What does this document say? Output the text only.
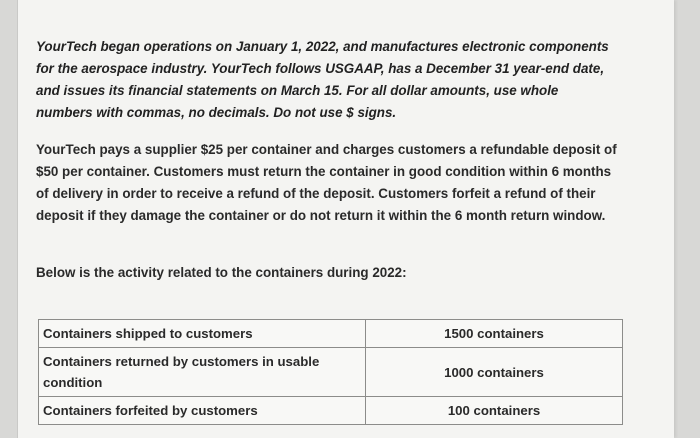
YourTech began operations on January 1, 2022, and manufactures electronic components for the aerospace industry. YourTech follows USGAAP, has a December 31 year-end date, and issues its financial statements on March 15. For all dollar amounts, use whole numbers with commas, no decimals. Do not use $ signs.

YourTech pays a supplier $25 per container and charges customers a refundable deposit of $50 per container. Customers must return the container in good condition within 6 months of delivery in order to receive a refund of the deposit. Customers forfeit a refund of their deposit if they damage the container or do not return it within the 6 month return window.

Below is the activity related to the containers during 2022:

Containers shipped to customers	1500 containers
Containers returned by customers in usable condition	1000 containers
Containers forfeited by customers	100 containers
